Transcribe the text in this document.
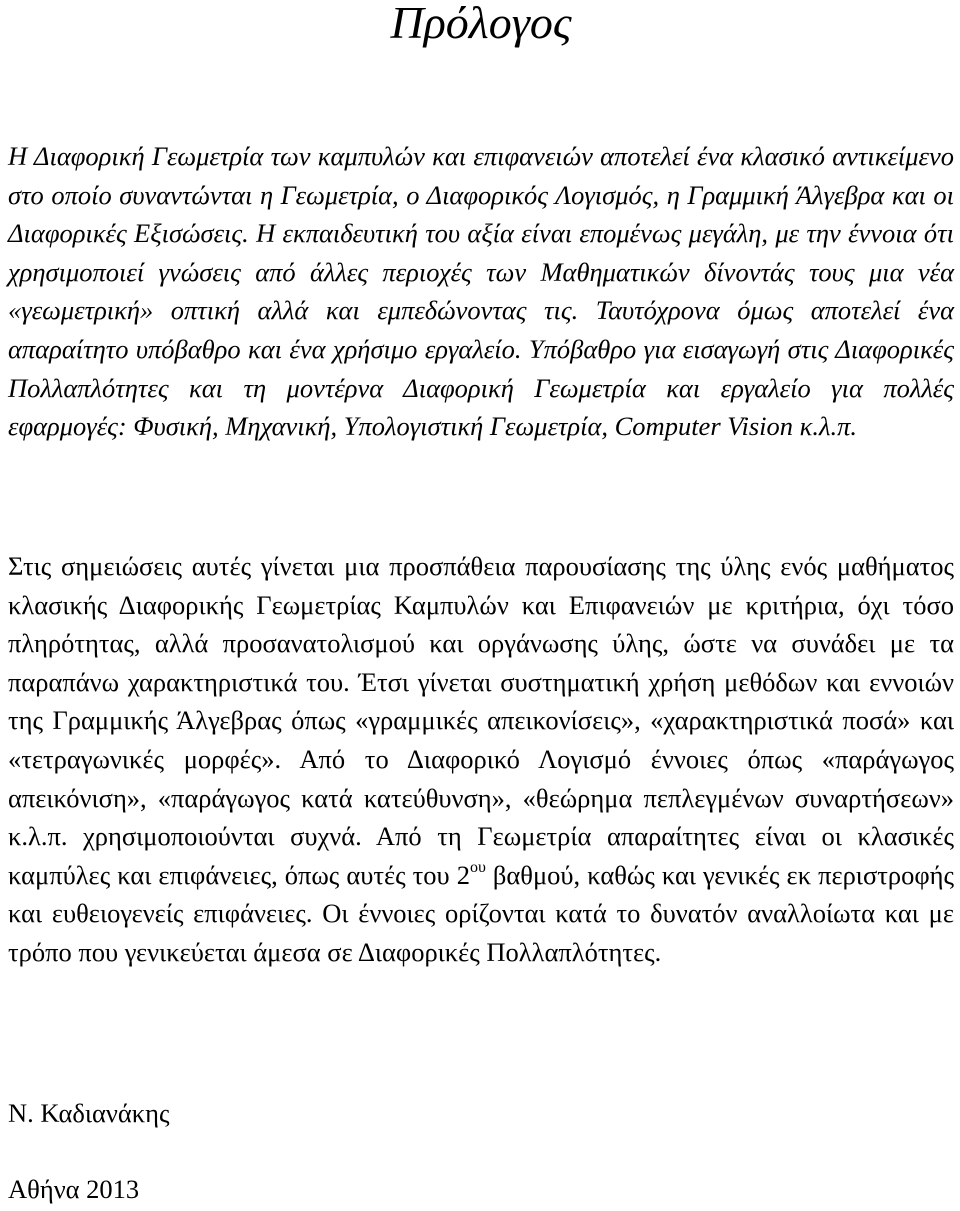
Πρόλογος

Η Διαφορική Γεωμετρία των καμπυλών και επιφανειών αποτελεί ένα κλασικό αντικείμενο στο οποίο συναντώνται η Γεωμετρία, ο Διαφορικός Λογισμός, η Γραμμική Άλγεβρα και οι Διαφορικές Εξισώσεις. Η εκπαιδευτική του αξία είναι επομένως μεγάλη, με την έννοια ότι χρησιμοποιεί γνώσεις από άλλες περιοχές των Μαθηματικών δίνοντάς τους μια νέα «γεωμετρική» οπτική αλλά και εμπεδώνοντας τις. Ταυτόχρονα όμως αποτελεί ένα απαραίτητο υπόβαθρο και ένα χρήσιμο εργαλείο. Υπόβαθρο για εισαγωγή στις Διαφορικές Πολλαπλότητες και τη μοντέρνα Διαφορική Γεωμετρία και εργαλείο για πολλές εφαρμογές: Φυσική, Μηχανική, Υπολογιστική Γεωμετρία, Computer Vision κ.λ.π.

Στις σημειώσεις αυτές γίνεται μια προσπάθεια παρουσίασης της ύλης ενός μαθήματος κλασικής Διαφορικής Γεωμετρίας Καμπυλών και Επιφανειών με κριτήρια, όχι τόσο πληρότητας, αλλά προσανατολισμού και οργάνωσης ύλης, ώστε να συνάδει με τα παραπάνω χαρακτηριστικά του. Έτσι γίνεται συστηματική χρήση μεθόδων και εννοιών της Γραμμικής Άλγεβρας όπως «γραμμικές απεικονίσεις», «χαρακτηριστικά ποσά» και «τετραγωνικές μορφές». Από το Διαφορικό Λογισμό έννοιες όπως «παράγωγος απεικόνιση», «παράγωγος κατά κατεύθυνση», «θεώρημα πεπλεγμένων συναρτήσεων» κ.λ.π. χρησιμοποιούνται συχνά. Από τη Γεωμετρία απαραίτητες είναι οι κλασικές καμπύλες και επιφάνειες, όπως αυτές του $2^{o\upsilon}$ βαθμού, καθώς και γενικές εκ περιστροφής και ευθειογενείς επιφάνειες. Οι έννοιες ορίζονται κατά το δυνατόν αναλλοίωτα και με τρόπο που γενικεύεται άμεσα σε Διαφορικές Πολλαπλότητες.

Ν. Καδιανάκης

Αθήνα 2013
